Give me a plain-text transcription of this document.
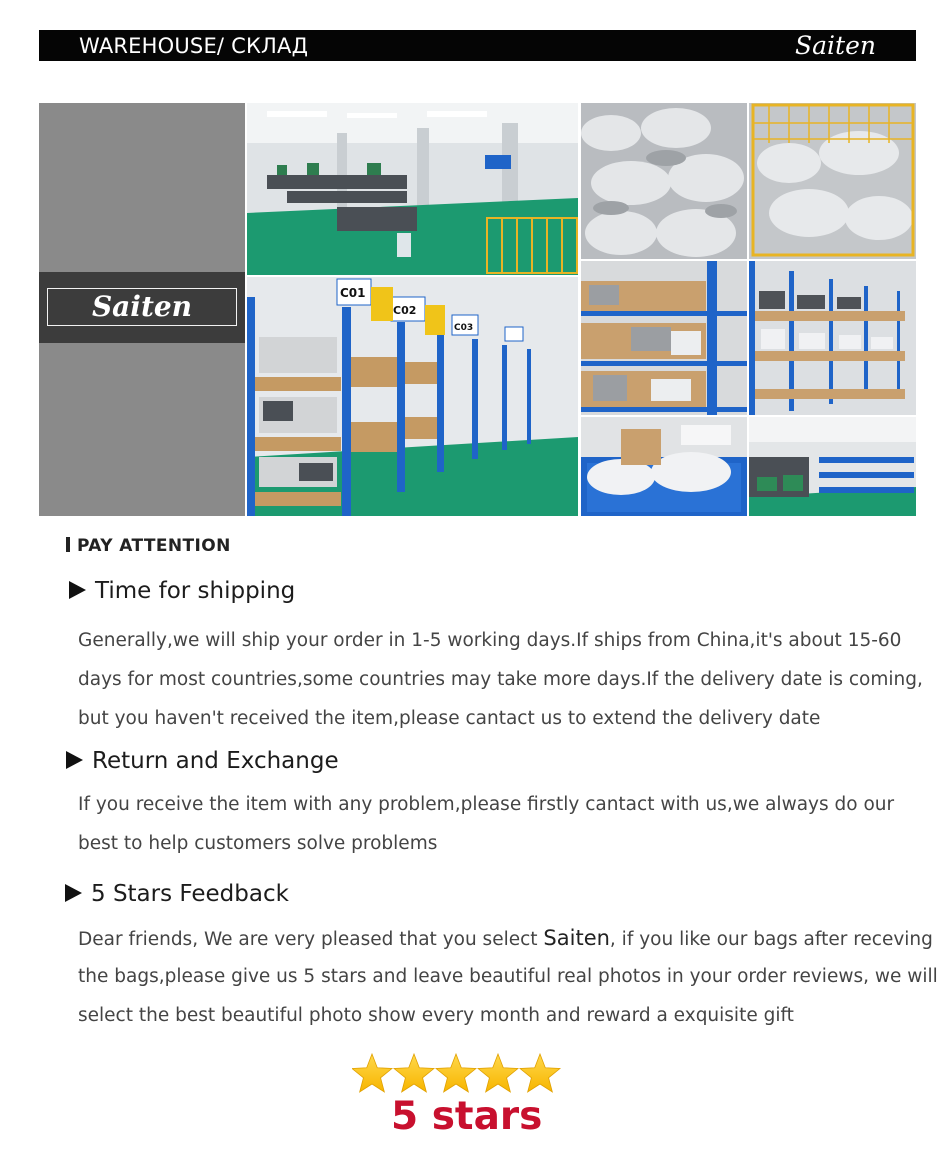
WAREHOUSE/ СКЛАД	Saiten
Saiten	C01
C02
C03
PAY ATTENTION
Time for shipping
Generally,we will ship your order in 1-5 working days.If ships from China,it's about 15-60
days for most countries,some countries may take more days.If the delivery date is coming,
but you haven't received the item,please cantact us to extend the delivery date
Return and Exchange
If you receive the item with any problem,please firstly cantact with us,we always do our
best to help customers solve problems
5 Stars Feedback
Dear friends, We are very pleased that you select Saiten, if you like our bags after receving
the bags,please give us 5 stars and leave beautiful real photos in your order reviews, we will
select the best beautiful photo show every month and reward a exquisite gift
5 stars
